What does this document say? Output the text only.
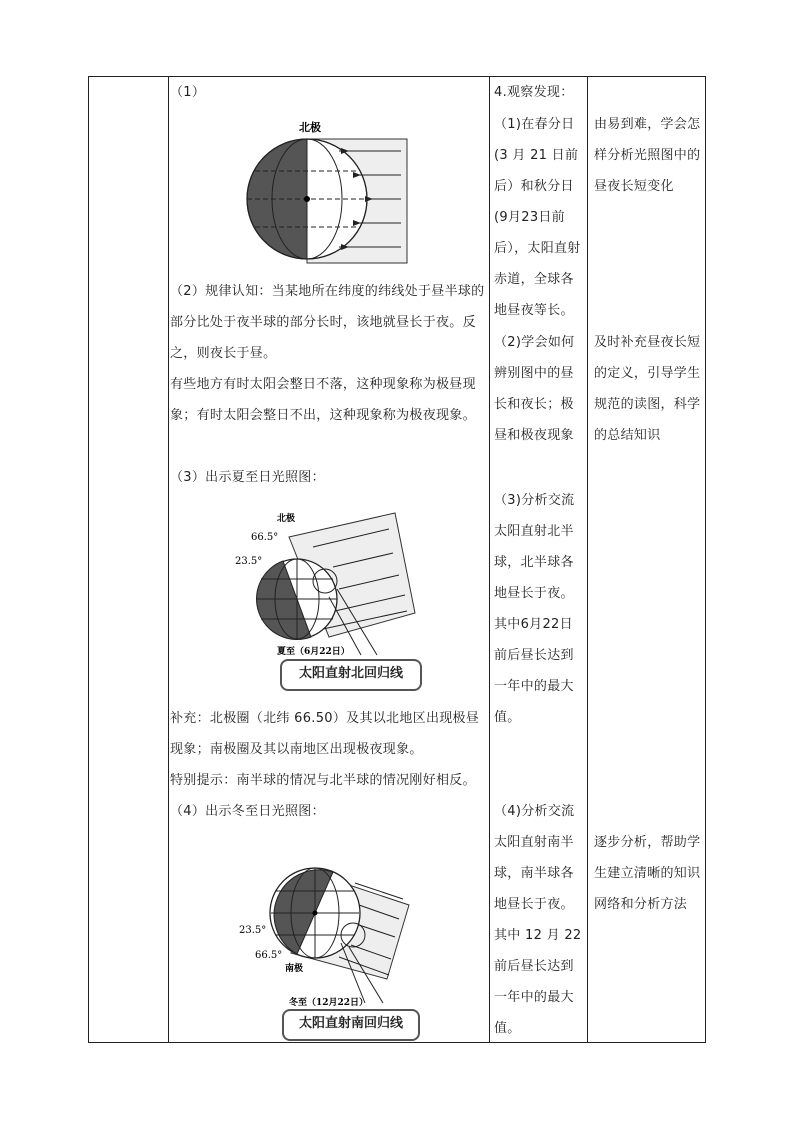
（1）
北极
（2）规律认知：当某地所在纬度的纬线处于昼半球的部分比处于夜半球的部分长时，该地就昼长于夜。反之，则夜长于昼。
有些地方有时太阳会整日不落，这种现象称为极昼现象；有时太阳会整日不出，这种现象称为极夜现象。
（3）出示夏至日光照图：
北极
66.5°
23.5°
夏至（6月22日）
太阳直射北回归线
补充：北极圈（北纬 66.50）及其以北地区出现极昼现象；南极圈及其以南地区出现极夜现象。
特别提示：南半球的情况与北半球的情况刚好相反。
（4）出示冬至日光照图：
23.5°
66.5°
南极
冬至（12月22日）
太阳直射南回归线
4.观察发现：
（1)在春分日(3 月 21 日前后）和秋分日(9月23日前后），太阳直射赤道，全球各地昼夜等长。
（2)学会如何辨别图中的昼长和夜长；极昼和极夜现象
（3)分析交流太阳直射北半球，北半球各地昼长于夜。其中6月22日前后昼长达到一年中的最大值。
（4)分析交流太阳直射南半球，南半球各地昼长于夜。其中 12 月 22 前后昼长达到一年中的最大值。
由易到难，学会怎样分析光照图中的昼夜长短变化
及时补充昼夜长短的定义，引导学生规范的读图，科学的总结知识
逐步分析，帮助学生建立清晰的知识网络和分析方法
